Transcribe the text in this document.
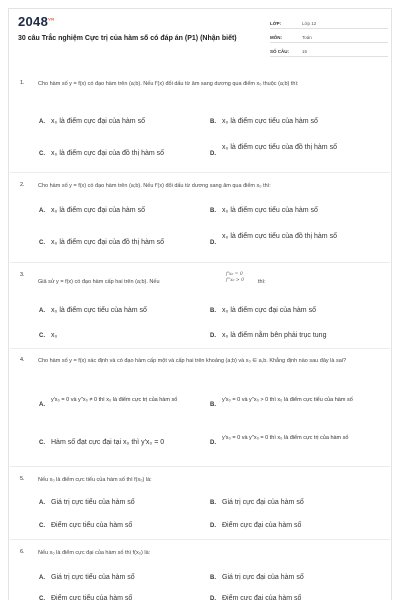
$2048^{VN}$
30 câu Trắc nghiệm Cực trị của hàm số có đáp án (P1) (Nhận biết)
LỚP:	Lớp 12
MÔN:	Toán
SỐ CÂU:	15
1. Cho hàm số y = f(x) có đạo hàm trên (a;b). Nếu f'(x) đổi dấu từ âm sang dương qua điểm x₀ thuộc (a;b) thì:
A. x₀ là điểm cực đại của hàm số	B. x₀ là điểm cực tiểu của hàm số
C. x₀ là điểm cực đại của đồ thị hàm số	D.
x₀ là điểm cực tiểu của đồ thị hàm số
2. Cho hàm số y = f(x) có đạo hàm trên (a;b). Nếu f'(x) đổi dấu từ dương sang âm qua điểm x₀ thì:
A. x₀ là điểm cực đại của hàm số	B. x₀ là điểm cực tiểu của hàm số
C. x₀ là điểm cực đại của đồ thị hàm số	D.
x₀ là điểm cực tiểu của đồ thị hàm số
3.
Giả sử y = f(x) có đạo hàm cấp hai trên (a;b). Nếu
f'x₀ = 0
f''x₀ > 0	thì:
A. x₀ là điểm cực tiểu của hàm số	B. x₀ là điểm cực đại của hàm số
C. x₀	D. x₀ là điểm nằm bên phải trục tung
4. Cho hàm số y = f(x) xác định và có đạo hàm cấp một và cấp hai trên khoảng (a;b) và x₀ ∈ a,b. Khẳng định nào sau đây là sai?
A.
y'x₀ = 0 và y''x₀ ≠ 0 thì x₀ là điểm cực trị của hàm số
B.
y'x₀ = 0 và y''x₀ > 0 thì x₀ là điểm cực tiểu của hàm số
C. Hàm số đạt cực đại tại x₀ thì y'x₀ = 0	D.
y'x₀ = 0 và y''x₀ = 0 thì x₀ là điểm cực trị của hàm số
5. Nếu x₀ là điểm cực tiểu của hàm số thì f(x₀) là:
A. Giá trị cực tiểu của hàm số	B. Giá trị cực đại của hàm số
C. Điểm cực tiểu của hàm số	D. Điểm cực đại của hàm số
6. Nếu x₀ là điểm cực đại của hàm số thì f(x₀) là:
A. Giá trị cực tiểu của hàm số	B. Giá trị cực đại của hàm số
C. Điểm cực tiểu của hàm số	D. Điểm cực đại của hàm số
